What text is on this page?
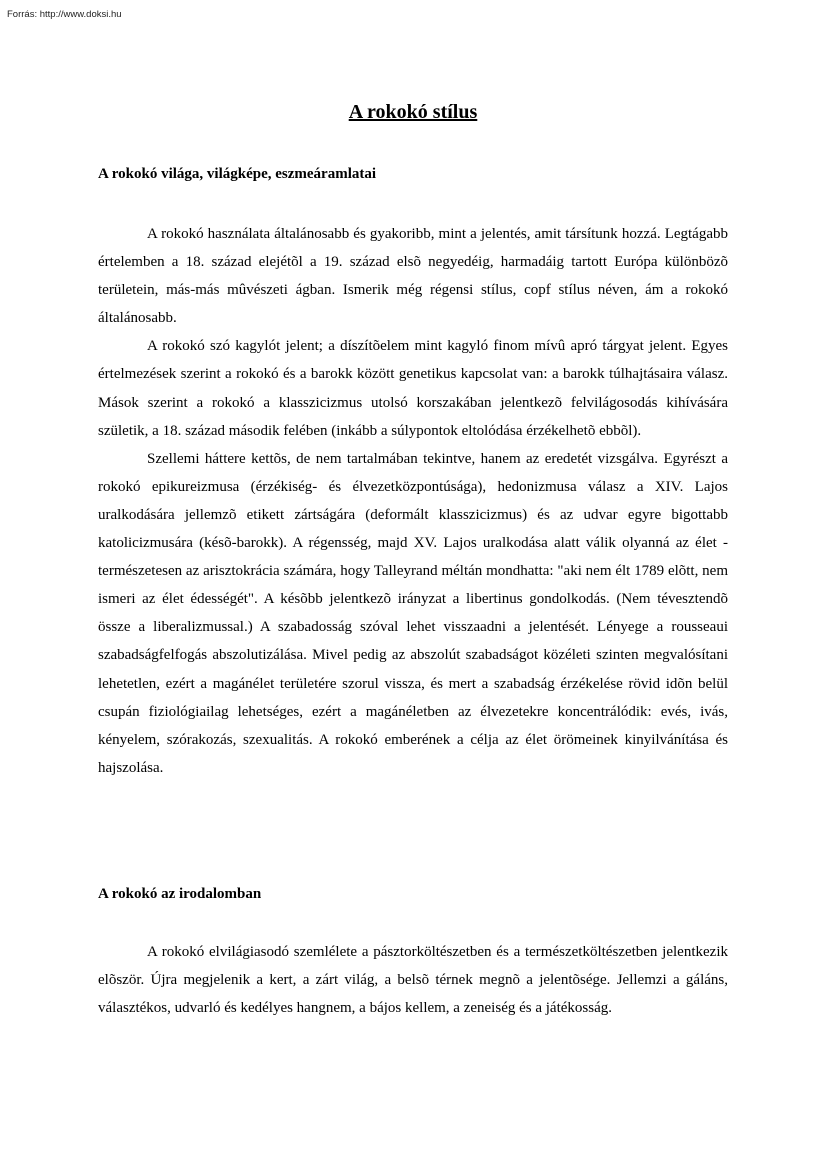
Forrás: http://www.doksi.hu
A rokokó stílus
A rokokó világa, világképe, eszmeáramlatai

A rokokó használata általánosabb és gyakoribb, mint a jelentés, amit társítunk hozzá. Legtágabb értelemben a 18. század elejétõl a 19. század elsõ negyedéig, harmadáig tartott Európa különbözõ területein, más-más mûvészeti ágban. Ismerik még régensi stílus, copf stílus néven, ám a rokokó általánosabb.

A rokokó szó kagylót jelent; a díszítõelem mint kagyló finom mívû apró tárgyat jelent. Egyes értelmezések szerint a rokokó és a barokk között genetikus kapcsolat van: a barokk túlhajtásaira válasz. Mások szerint a rokokó a klasszicizmus utolsó korszakában jelentkezõ felvilágosodás kihívására születik, a 18. század második felében (inkább a súlypontok eltolódása érzékelhetõ ebbõl).

Szellemi háttere kettõs, de nem tartalmában tekintve, hanem az eredetét vizsgálva. Egyrészt a rokokó epikureizmusa (érzékiség- és élvezetközpontúsága), hedonizmusa válasz a XIV. Lajos uralkodására jellemzõ etikett zártságára (deformált klasszicizmus) és az udvar egyre bigottabb katolicizmusára (késõ-barokk). A régensség, majd XV. Lajos uralkodása alatt válik olyanná az élet - természetesen az arisztokrácia számára, hogy Talleyrand méltán mondhatta: "aki nem élt 1789 elõtt, nem ismeri az élet édességét". A késõbb jelentkezõ irányzat a libertinus gondolkodás. (Nem tévesztendõ össze a liberalizmussal.) A szabadosság szóval lehet visszaadni a jelentését. Lényege a rousseaui szabadságfelfogás abszolutizálása. Mivel pedig az abszolút szabadságot közéleti szinten megvalósítani lehetetlen, ezért a magánélet területére szorul vissza, és mert a szabadság érzékelése rövid idõn belül csupán fiziológiailag lehetséges, ezért a magánéletben az élvezetekre koncentrálódik: evés, ivás, kényelem, szórakozás, szexualitás. A rokokó emberének a célja az élet örömeinek kinyilvánítása és hajszolása.

A rokokó az irodalomban

A rokokó elvilágiasodó szemlélete a pásztorköltészetben és a természetköltészetben jelentkezik elõször. Újra megjelenik a kert, a zárt világ, a belsõ térnek megnõ a jelentõsége. Jellemzi a gáláns, választékos, udvarló és kedélyes hangnem, a bájos kellem, a zeneiség és a játékosság.
